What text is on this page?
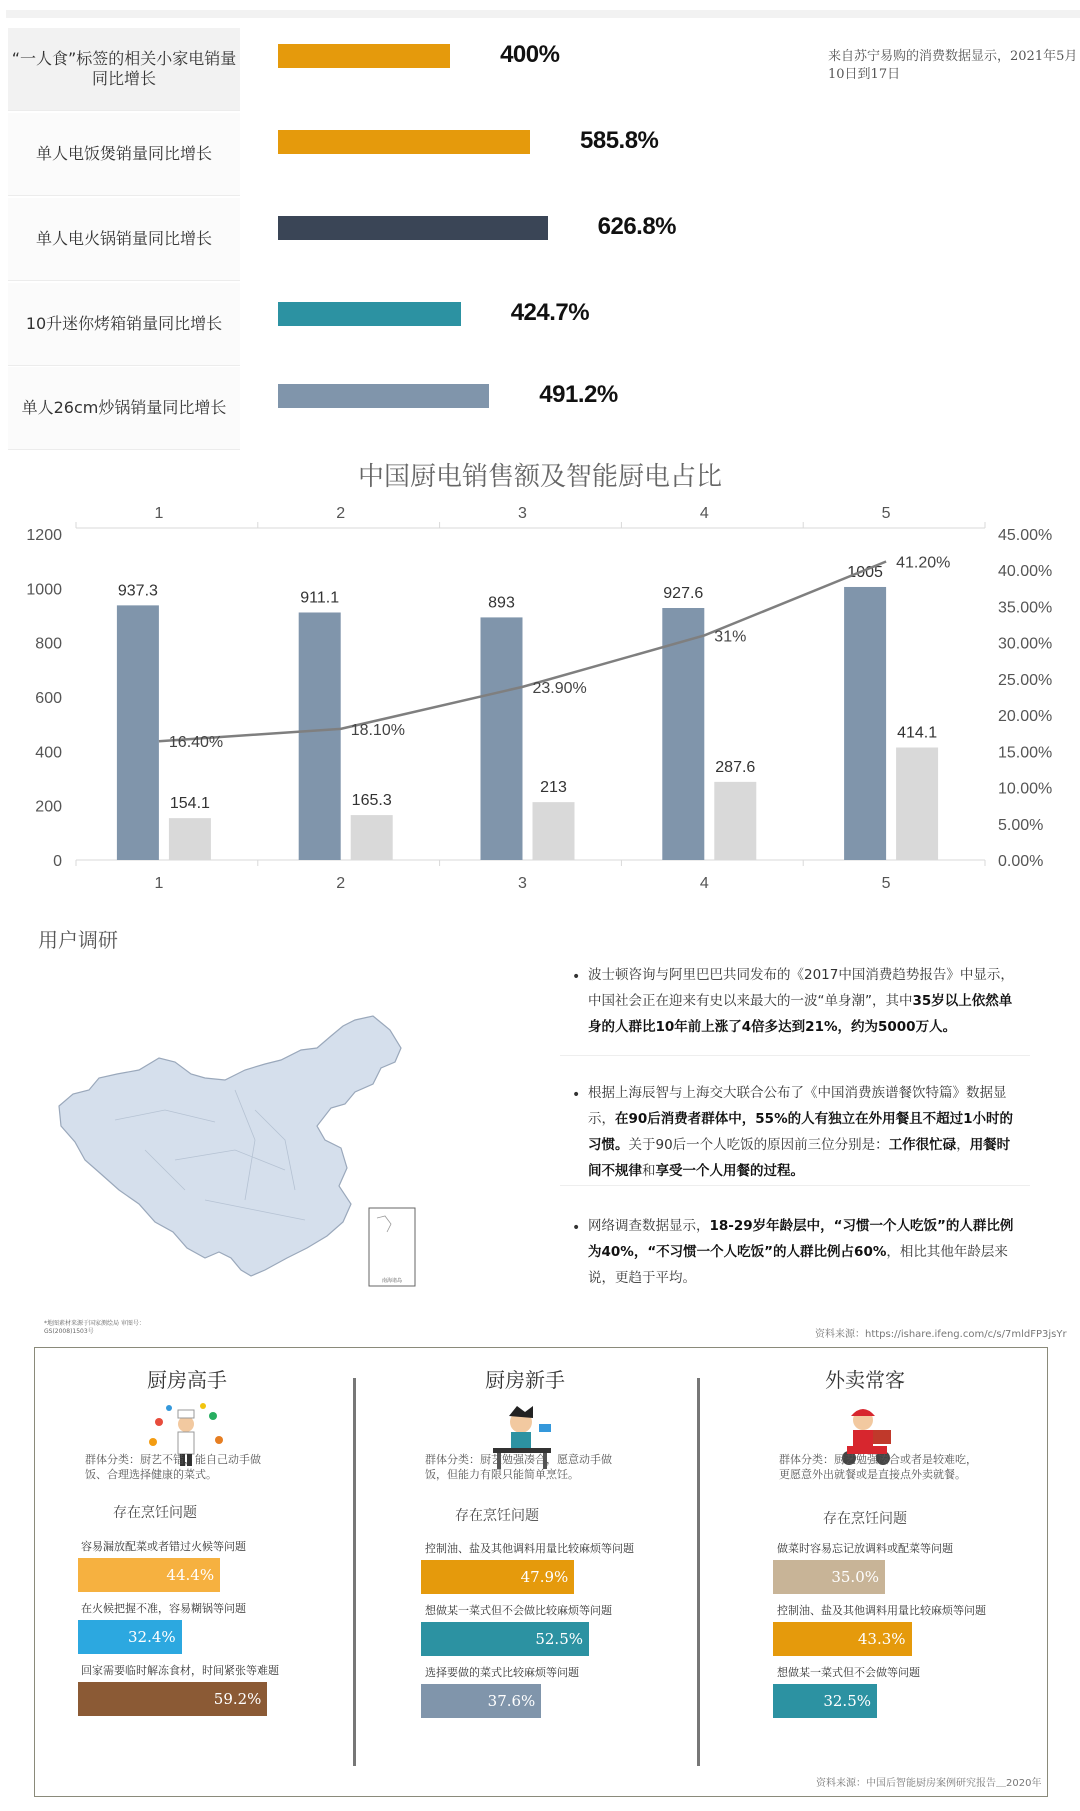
“一人食”标签的相关小家电销量同比增长
400%
单人电饭煲销量同比增长	585.8%
单人电火锅销量同比增长	626.8%
10升迷你烤箱销量同比增长	424.7%
单人26cm炒锅销量同比增长	491.2%
来自苏宁易购的消费数据显示，2021年5月10日到17日
0
200
400
600
800
1000
1200
0.00%
5.00%
10.00%
15.00%
20.00%
25.00%
30.00%
35.00%
40.00%
45.00%
1
1
2
2
3
3
4
4
5
5
937.3
154.1
911.1
165.3
893
213
927.6
287.6
1005
414.1
16.40%
18.10%
23.90%
31%
41.20%
中国厨电销售额及智能厨电占比
用户调研
南海诸岛
*地图素材来源于国家测绘局 审图号：GS(2008)1503号
01
02
03
• 波士顿咨询与阿里巴巴共同发布的《2017中国消费趋势报告》中显示，中国社会正在迎来有史以来最大的一波“单身潮”，其中35岁以上依然单身的人群比10年前上涨了4倍多达到21%，约为5000万人。
• 根据上海辰智与上海交大联合公布了《中国消费族谱餐饮特篇》数据显示，在90后消费者群体中，55%的人有独立在外用餐且不超过1小时的习惯。关于90后一个人吃饭的原因前三位分别是：工作很忙碌，用餐时间不规律和享受一个人用餐的过程。
• 网络调查数据显示，18-29岁年龄层中，“习惯一个人吃饭”的人群比例为40%，“不习惯一个人吃饭”的人群比例占60%，相比其他年龄层来说，更趋于平均。
资料来源：https://ishare.ifeng.com/c/s/7mldFP3jsYr
厨房高手
群体分类：厨艺不错，能自己动手做饭、合理选择健康的菜式。
存在烹饪问题
容易漏放配菜或者错过火候等问题
44.4%
在火候把握不准，容易糊锅等问题
32.4%
回家需要临时解冻食材，时间紧张等难题
59.2%
厨房新手
群体分类：厨艺勉强凑合，愿意动手做饭，但能力有限只能简单烹饪。
存在烹饪问题
控制油、盐及其他调料用量比较麻烦等问题
47.9%
想做某一菜式但不会做比较麻烦等问题
52.5%
选择要做的菜式比较麻烦等问题
37.6%
外卖常客
群体分类：厨艺勉强凑合或者是较难吃，更愿意外出就餐或是直接点外卖就餐。
存在烹饪问题
做菜时容易忘记放调料或配菜等问题
35.0%
控制油、盐及其他调料用量比较麻烦等问题
43.3%
想做某一菜式但不会做等问题
32.5%
资料来源：中国后智能厨房案例研究报告＿2020年
